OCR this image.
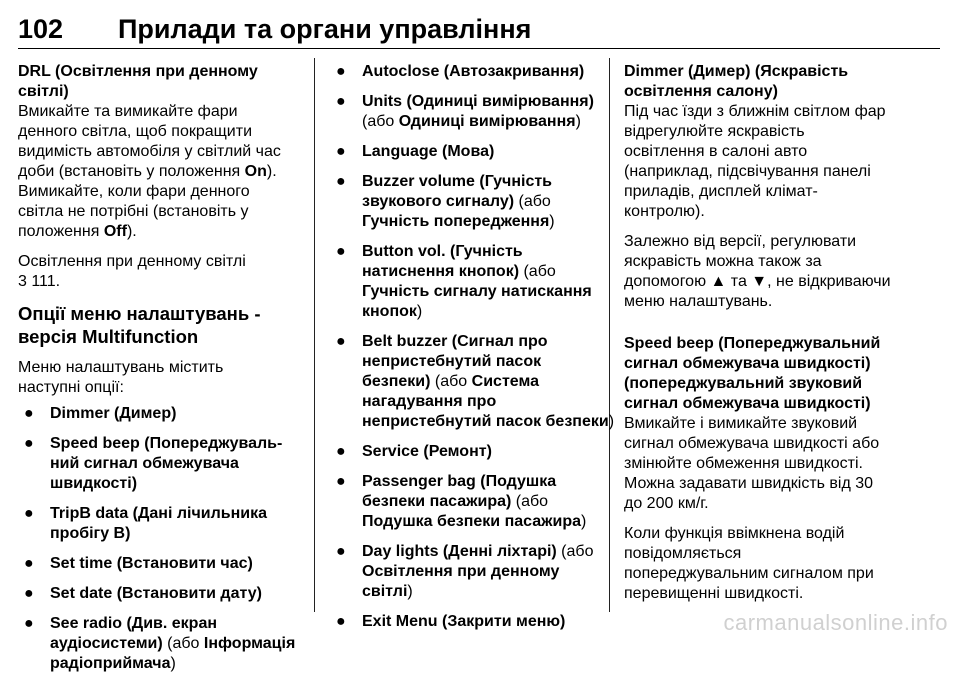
102 Прилади та органи управління
DRL (Освітлення при денному
світлі)
Вмикайте та вимикайте фари
денного світла, щоб покращити
видимість автомобіля у світлий час
доби (встановіть у положення On).
Вимикайте, коли фари денного
світла не потрібні (встановіть у
положення Off).
Освітлення при денному світлі
3 111.
Опції меню налаштувань -
версія Multifunction
Меню налаштувань містить
наступні опції:
● Dimmer (Димер)
● Speed beep (Попереджуваль-
ний сигнал обмежувача
швидкості)
● TripB data (Дані лічильника
пробігу B)
● Set time (Встановити час)
● Set date (Встановити дату)
● See radio (Див. екран
аудіосистеми) (або Інформація
радіоприймача)
● Autoclose (Автозакривання)
● Units (Одиниці вимірювання)
(або Одиниці вимірювання)
● Language (Мова)
● Buzzer volume (Гучність
звукового сигналу) (або
Гучність попередження)
● Button vol. (Гучність
натиснення кнопок) (або
Гучність сигналу натискання
кнопок)
● Belt buzzer (Сигнал про
непристебнутий пасок
безпеки) (або Система
нагадування про
непристебнутий пасок безпеки)
● Service (Ремонт)
● Passenger bag (Подушка
безпеки пасажира) (або
Подушка безпеки пасажира)
● Day lights (Денні ліхтарі) (або
Освітлення при денному світлі)
● Exit Menu (Закрити меню)
Dimmer (Димер) (Яскравість
освітлення салону)
Під час їзди з ближнім світлом фар
відрегулюйте яскравість
освітлення в салоні авто
(наприклад, підсвічування панелі
приладів, дисплей клімат-
контролю).
Залежно від версії, регулювати
яскравість можна також за
допомогою ▲ та ▼, не відкриваючи
меню налаштувань.
Speed beep (Попереджувальний
сигнал обмежувача швидкості)
(попереджувальний звуковий
сигнал обмежувача швидкості)
Вмикайте і вимикайте звуковий
сигнал обмежувача швидкості або
змінюйте обмеження швидкості.
Можна задавати швидкість від 30
до 200 км/г.
Коли функція ввімкнена водій
повідомляється
попереджувальним сигналом при
перевищенні швидкості.
carmanualsonline.info
